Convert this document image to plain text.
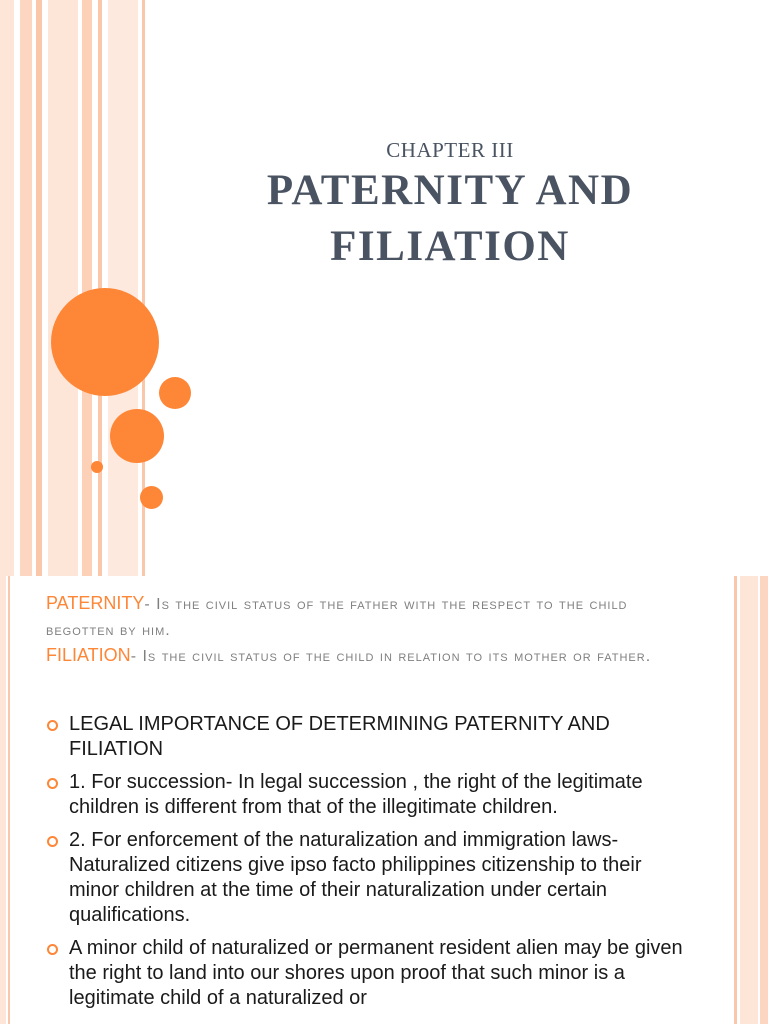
CHAPTER III
PATERNITY AND FILIATION
PATERNITY- Is the civil status of the father with the respect to the child begotten by him.
FILIATION- Is the civil status of the child in relation to its mother or father.
LEGAL IMPORTANCE OF DETERMINING PATERNITY AND FILIATION
1. For succession- In legal succession , the right of the legitimate children is different from that of the illegitimate children.
2. For enforcement of the naturalization and immigration laws- Naturalized citizens give ipso facto philippines citizenship to their minor children at the time of their naturalization under certain qualifications.
A minor child of naturalized or permanent resident alien may be given the right to land into our shores upon proof that such minor is a legitimate child of a naturalized or
